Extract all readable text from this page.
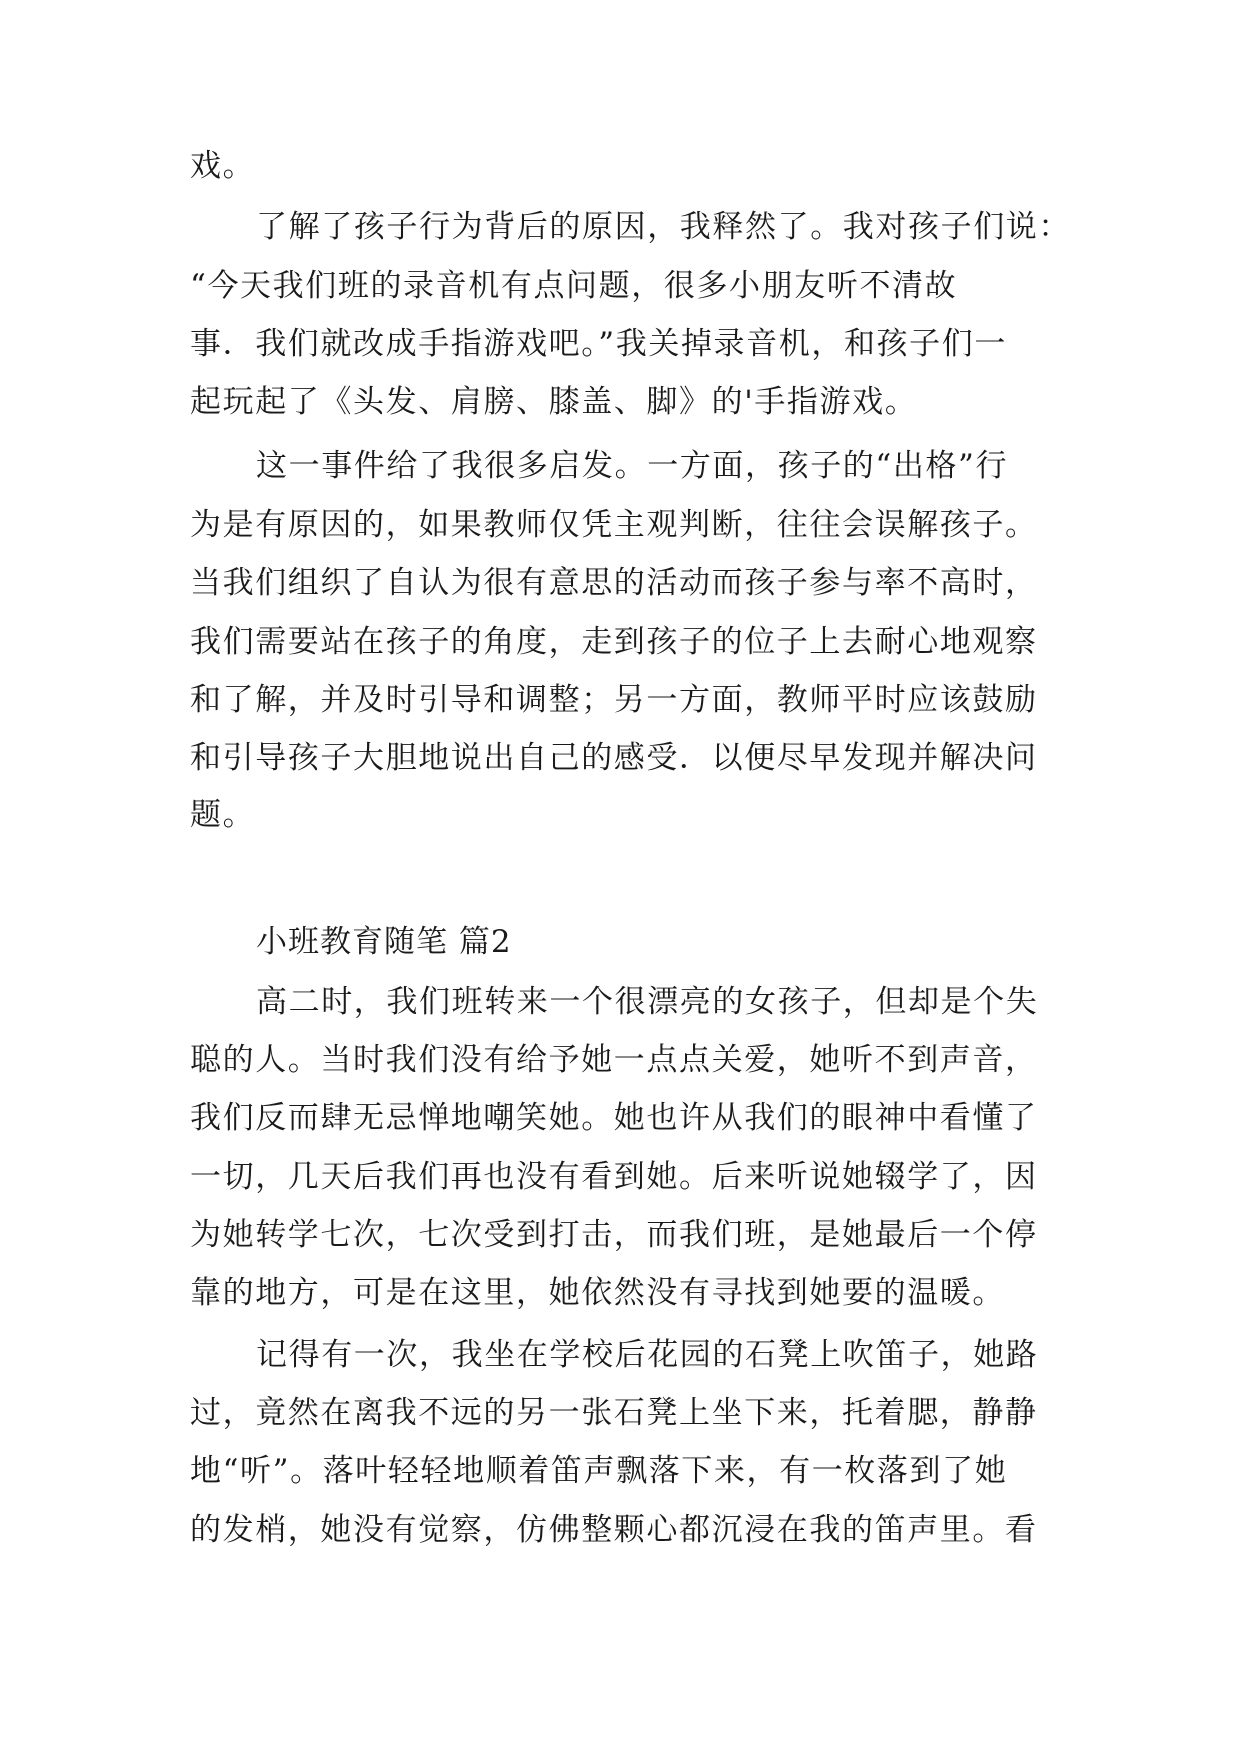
戏。
了解了孩子行为背后的原因，我释然了。我对孩子们说：
“今天我们班的录音机有点问题，很多小朋友听不清故
事．我们就改成手指游戏吧。”我关掉录音机，和孩子们一
起玩起了《头发、肩膀、膝盖、脚》的'手指游戏。
这一事件给了我很多启发。一方面，孩子的“出格”行
为是有原因的，如果教师仅凭主观判断，往往会误解孩子。
当我们组织了自认为很有意思的活动而孩子参与率不高时，
我们需要站在孩子的角度，走到孩子的位子上去耐心地观察
和了解，并及时引导和调整；另一方面，教师平时应该鼓励
和引导孩子大胆地说出自己的感受．以便尽早发现并解决问
题。
小班教育随笔 篇2
高二时，我们班转来一个很漂亮的女孩子，但却是个失
聪的人。当时我们没有给予她一点点关爱，她听不到声音，
我们反而肆无忌惮地嘲笑她。她也许从我们的眼神中看懂了
一切，几天后我们再也没有看到她。后来听说她辍学了，因
为她转学七次，七次受到打击，而我们班，是她最后一个停
靠的地方，可是在这里，她依然没有寻找到她要的温暖。
记得有一次，我坐在学校后花园的石凳上吹笛子，她路
过，竟然在离我不远的另一张石凳上坐下来，托着腮，静静
地“听”。落叶轻轻地顺着笛声飘落下来，有一枚落到了她
的发梢，她没有觉察，仿佛整颗心都沉浸在我的笛声里。看
